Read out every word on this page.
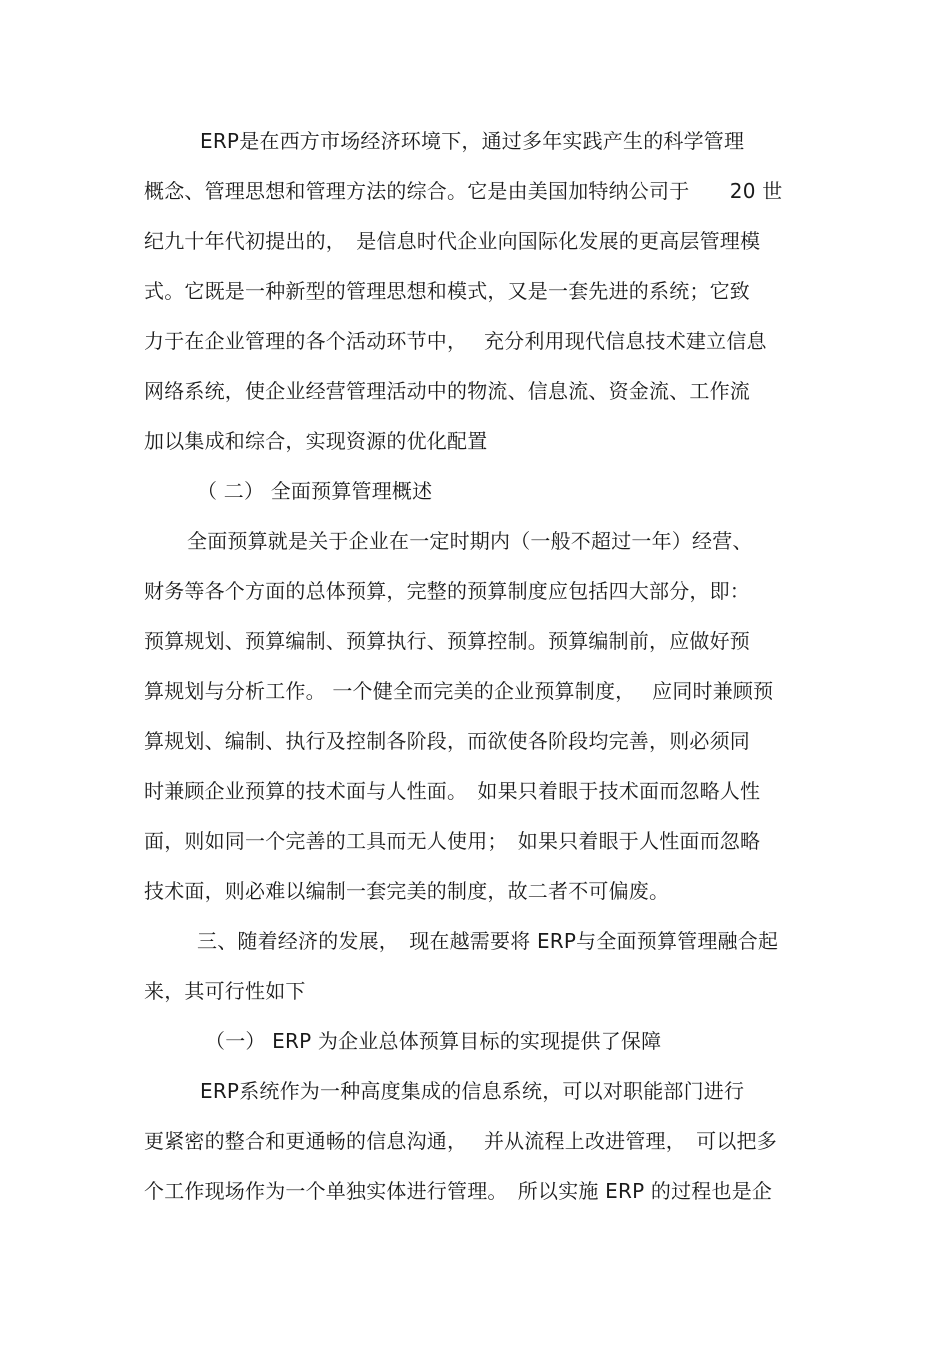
ERP是在西方市场经济环境下，通过多年实践产生的科学管理
概念、管理思想和管理方法的综合。它是由美国加特纳公司于　　20 世
纪九十年代初提出的，　是信息时代企业向国际化发展的更高层管理模
式。它既是一种新型的管理思想和模式，又是一套先进的系统；它致
力于在企业管理的各个活动环节中，　 充分利用现代信息技术建立信息
网络系统，使企业经营管理活动中的物流、信息流、资金流、工作流
加以集成和综合，实现资源的优化配置
（ 二） 全面预算管理概述
全面预算就是关于企业在一定时期内（一般不超过一年）经营、
财务等各个方面的总体预算，完整的预算制度应包括四大部分，即：
预算规划、预算编制、预算执行、预算控制。预算编制前，应做好预
算规划与分析工作。 一个健全而完美的企业预算制度，　 应同时兼顾预
算规划、编制、执行及控制各阶段，而欲使各阶段均完善，则必须同
时兼顾企业预算的技术面与人性面。　如果只着眼于技术面而忽略人性
面，则如同一个完善的工具而无人使用；　如果只着眼于人性面而忽略
技术面，则必难以编制一套完美的制度，故二者不可偏废。
三、随着经济的发展，　现在越需要将 ERP与全面预算管理融合起
来，其可行性如下
（一） ERP 为企业总体预算目标的实现提供了保障
ERP系统作为一种高度集成的信息系统，可以对职能部门进行
更紧密的整合和更通畅的信息沟通，　 并从流程上改进管理，　可以把多
个工作现场作为一个单独实体进行管理。　所以实施 ERP 的过程也是企
